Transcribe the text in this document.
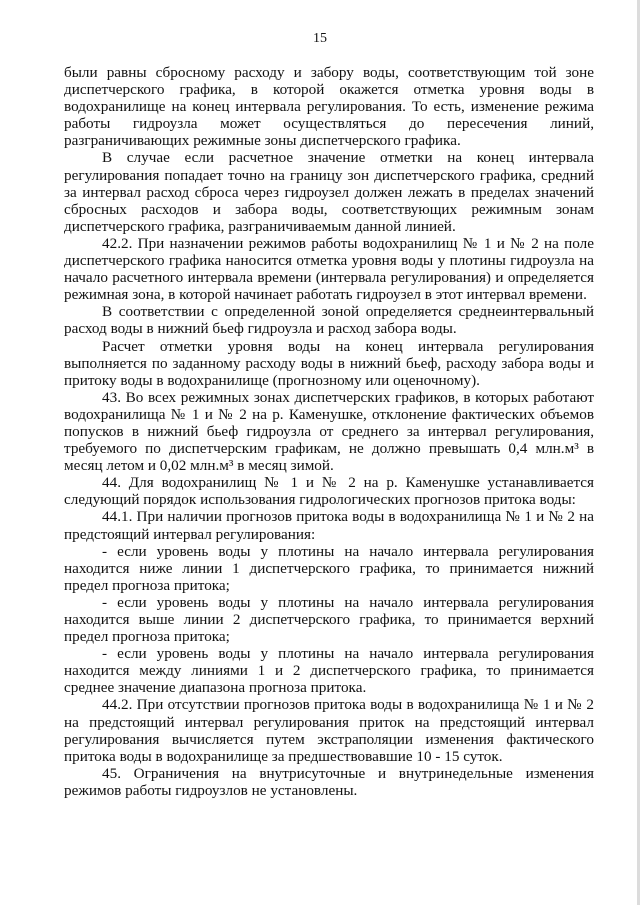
15

были равны сбросному расходу и забору воды, соответствующим той зоне диспетчерского графика, в которой окажется отметка уровня воды в водохранилище на конец интервала регулирования. То есть, изменение режима работы гидроузла может осуществляться до пересечения линий, разграничивающих режимные зоны диспетчерского графика.

В случае если расчетное значение отметки на конец интервала регулирования попадает точно на границу зон диспетчерского графика, средний за интервал расход сброса через гидроузел должен лежать в пределах значений сбросных расходов и забора воды, соответствующих режимным зонам диспетчерского графика, разграничиваемым данной линией.

42.2. При назначении режимов работы водохранилищ № 1 и № 2 на поле диспетчерского графика наносится отметка уровня воды у плотины гидроузла на начало расчетного интервала времени (интервала регулирования) и определяется режимная зона, в которой начинает работать гидроузел в этот интервал времени.

В соответствии с определенной зоной определяется среднеинтервальный расход воды в нижний бьеф гидроузла и расход забора воды.

Расчет отметки уровня воды на конец интервала регулирования выполняется по заданному расходу воды в нижний бьеф, расходу забора воды и притоку воды в водохранилище (прогнозному или оценочному).

43. Во всех режимных зонах диспетчерских графиков, в которых работают водохранилища № 1 и № 2 на р. Каменушке, отклонение фактических объемов попусков в нижний бьеф гидроузла от среднего за интервал регулирования, требуемого по диспетчерским графикам, не должно превышать 0,4 млн.м³ в месяц летом и 0,02 млн.м³ в месяц зимой.

44. Для водохранилищ № 1 и № 2 на р. Каменушке устанавливается следующий порядок использования гидрологических прогнозов притока воды:

44.1. При наличии прогнозов притока воды в водохранилища № 1 и № 2 на предстоящий интервал регулирования:

- если уровень воды у плотины на начало интервала регулирования находится ниже линии 1 диспетчерского графика, то принимается нижний предел прогноза притока;

- если уровень воды у плотины на начало интервала регулирования находится выше линии 2 диспетчерского графика, то принимается верхний предел прогноза притока;

- если уровень воды у плотины на начало интервала регулирования находится между линиями 1 и 2 диспетчерского графика, то принимается среднее значение диапазона прогноза притока.

44.2. При отсутствии прогнозов притока воды в водохранилища № 1 и № 2 на предстоящий интервал регулирования приток на предстоящий интервал регулирования вычисляется путем экстраполяции изменения фактического притока воды в водохранилище за предшествовавшие 10 - 15 суток.

45. Ограничения на внутрисуточные и внутринедельные изменения режимов работы гидроузлов не установлены.
